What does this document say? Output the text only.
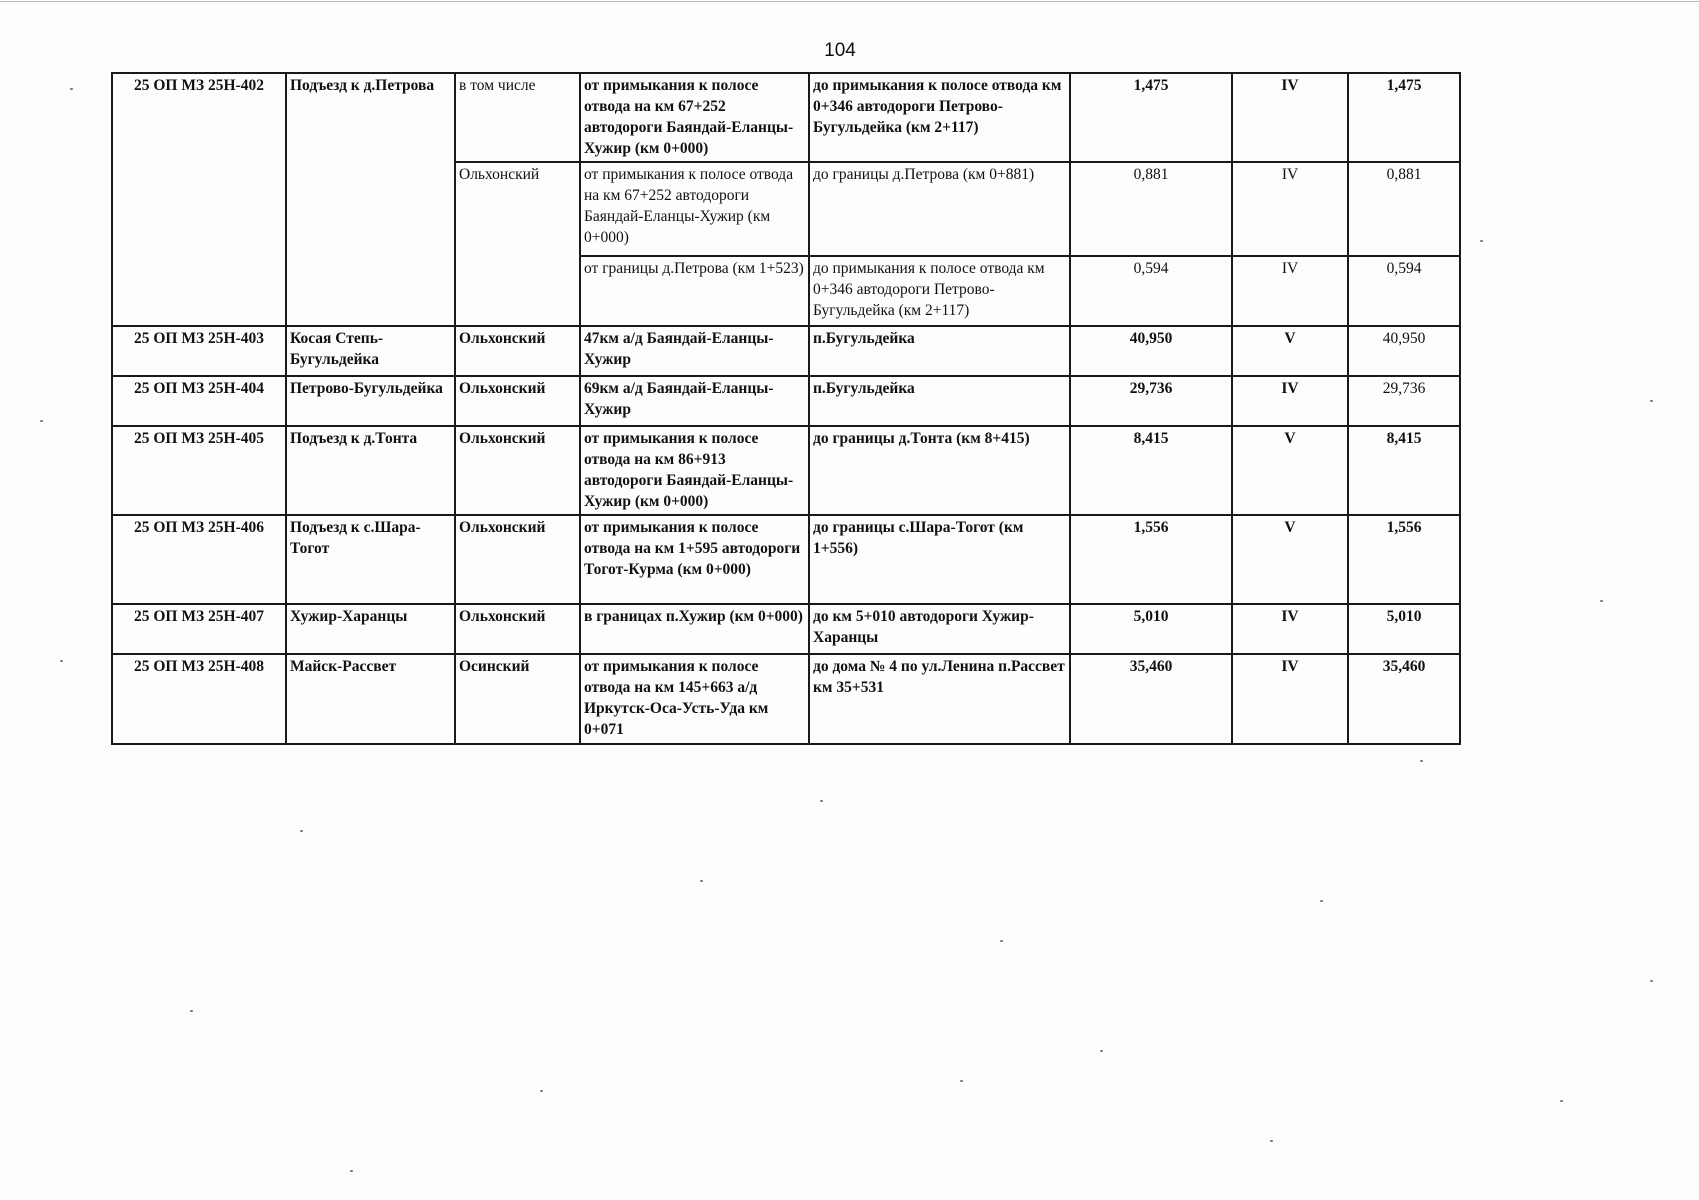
104
25 ОП МЗ 25Н-402	Подъезд к д.Петрова	в том числе	от примыкания к полосе отвода на км 67+252 автодороги Баяндай-Еланцы-Хужир (км 0+000)	до примыкания к полосе отвода км 0+346 автодороги Петрово-Бугульдейка (км 2+117)	1,475	IV	1,475
		Ольхонский	от примыкания к полосе отвода на км 67+252 автодороги Баяндай-Еланцы-Хужир (км 0+000)	до границы д.Петрова (км 0+881)	0,881	IV	0,881
			от границы д.Петрова (км 1+523)	до примыкания к полосе отвода км 0+346 автодороги Петрово-Бугульдейка (км 2+117)	0,594	IV	0,594
25 ОП МЗ 25Н-403	Косая Степь-Бугульдейка	Ольхонский	47км а/д Баяндай-Еланцы-Хужир	п.Бугульдейка	40,950	V	40,950
25 ОП МЗ 25Н-404	Петрово-Бугульдейка	Ольхонский	69км а/д Баяндай-Еланцы-Хужир	п.Бугульдейка	29,736	IV	29,736
25 ОП МЗ 25Н-405	Подъезд к д.Тонта	Ольхонский	от примыкания к полосе отвода на км 86+913 автодороги Баяндай-Еланцы-Хужир (км 0+000)	до границы д.Тонта (км 8+415)	8,415	V	8,415
25 ОП МЗ 25Н-406	Подъезд к с.Шара-Тогот	Ольхонский	от примыкания к полосе отвода на км 1+595 автодороги Тогот-Курма (км 0+000)	до границы с.Шара-Тогот (км 1+556)	1,556	V	1,556
25 ОП МЗ 25Н-407	Хужир-Харанцы	Ольхонский	в границах п.Хужир (км 0+000)	до км 5+010 автодороги Хужир-Харанцы	5,010	IV	5,010
25 ОП МЗ 25Н-408	Майск-Рассвет	Осинский	от примыкания к полосе отвода на км 145+663 а/д Иркутск-Оса-Усть-Уда км 0+071	до дома № 4 по ул.Ленина п.Рассвет км 35+531	35,460	IV	35,460
